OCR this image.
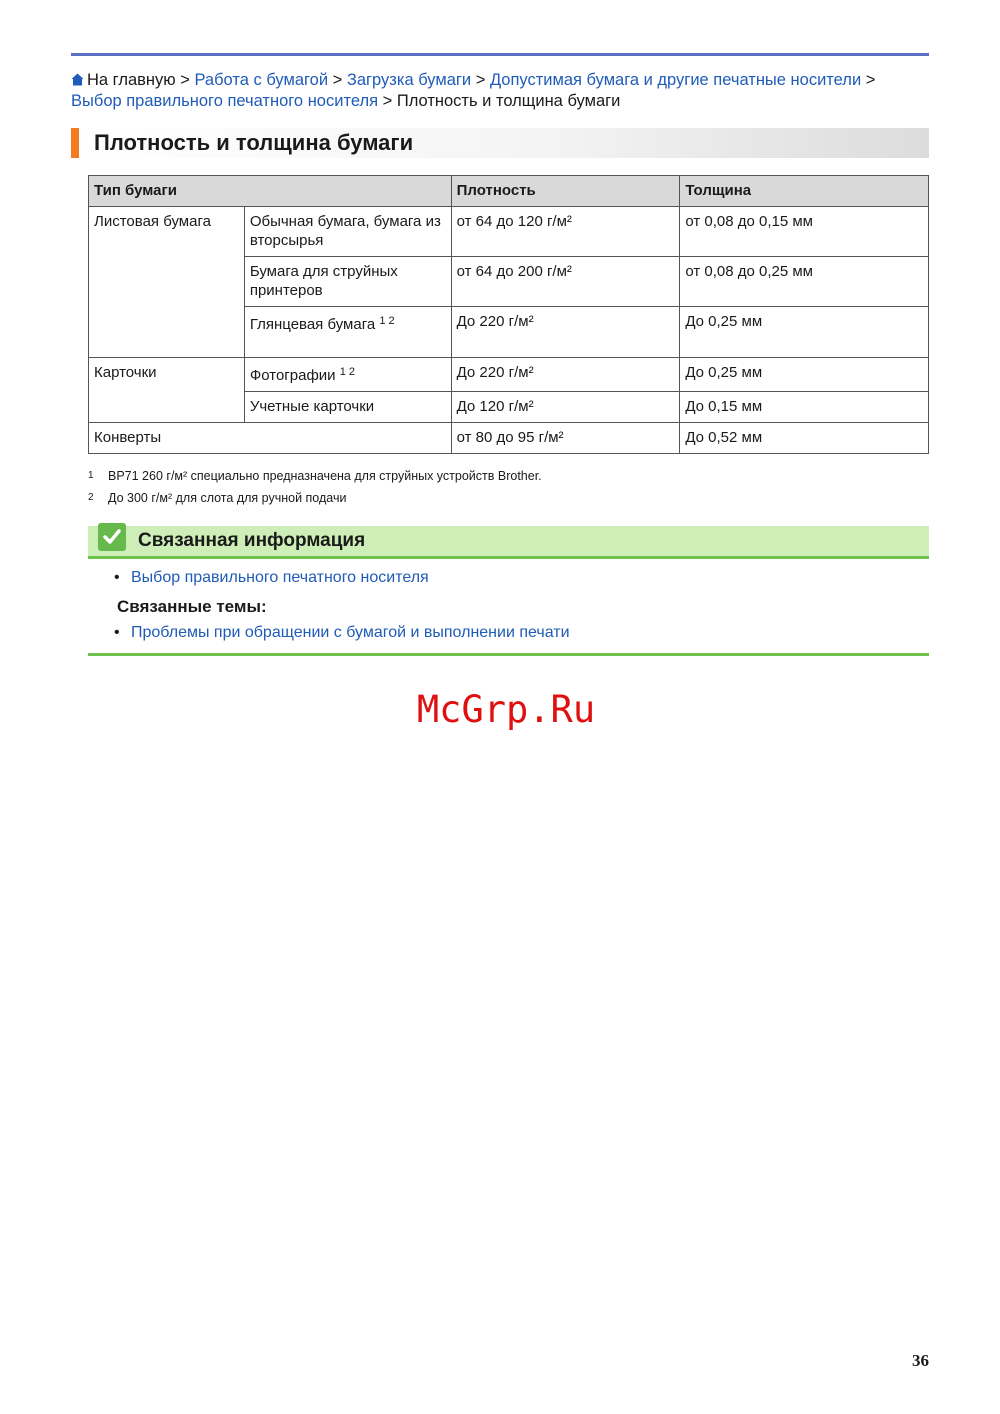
На главную > Работа с бумагой > Загрузка бумаги > Допустимая бумага и другие печатные носители > Выбор правильного печатного носителя > Плотность и толщина бумаги
Плотность и толщина бумаги
Тип бумаги		Плотность	Толщина
Листовая бумага	Обычная бумага, бумага из вторсырья	от 64 до 120 г/м²	от 0,08 до 0,15 мм
	Бумага для струйных принтеров	от 64 до 200 г/м²	от 0,08 до 0,25 мм
	Глянцевая бумага $^{1 2}$	До 220 г/м²	До 0,25 мм
Карточки	Фотографии $^{1 2}$	До 220 г/м²	До 0,25 мм
	Учетные карточки	До 120 г/м²	До 0,15 мм
Конверты		от 80 до 95 г/м²	До 0,52 мм
1 BP71 260 г/м² специально предназначена для струйных устройств Brother.
2 До 300 г/м² для слота для ручной подачи
Связанная информация
• Выбор правильного печатного носителя
Связанные темы:
• Проблемы при обращении с бумагой и выполнении печати
McGrp.Ru
36
